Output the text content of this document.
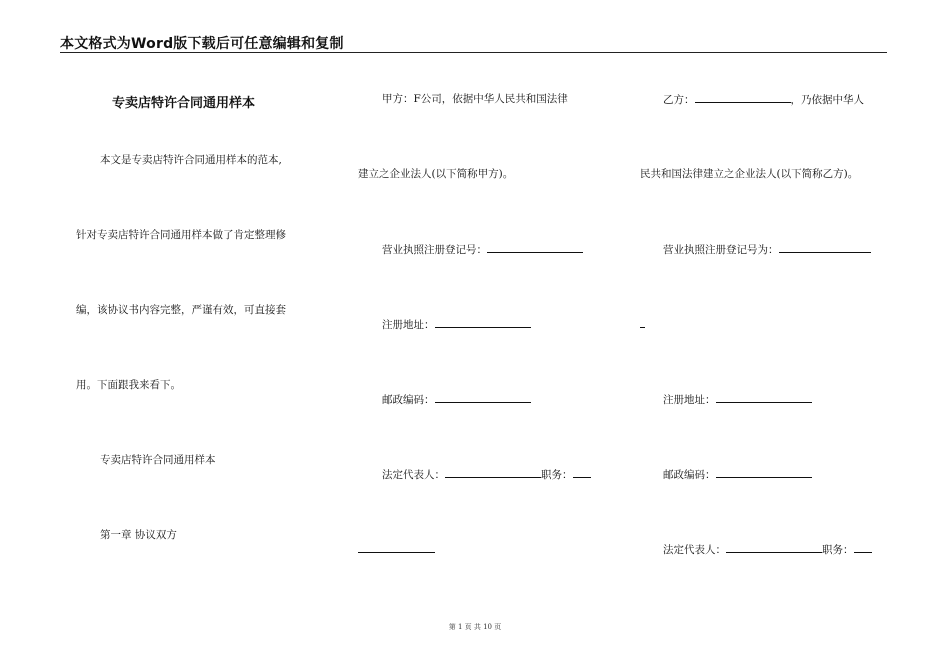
本文格式为Word版下载后可任意编辑和复制
专卖店特许合同通用样本
本文是专卖店特许合同通用样本的范本,
针对专卖店特许合同通用样本做了肯定整理修
编，该协议书内容完整，严谨有效，可直接套
用。下面跟我来看下。
专卖店特许合同通用样本
第一章 协议双方
甲方：F公司，依据中华人民共和国法律
建立之企业法人(以下简称甲方)。
营业执照注册登记号：
注册地址：
邮政编码：
法定代表人：	职务：
乙方：	，乃依据中华人
民共和国法律建立之企业法人(以下简称乙方)。
营业执照注册登记号为：
注册地址：
邮政编码：
法定代表人：	职务：
第 1 页 共 10 页
